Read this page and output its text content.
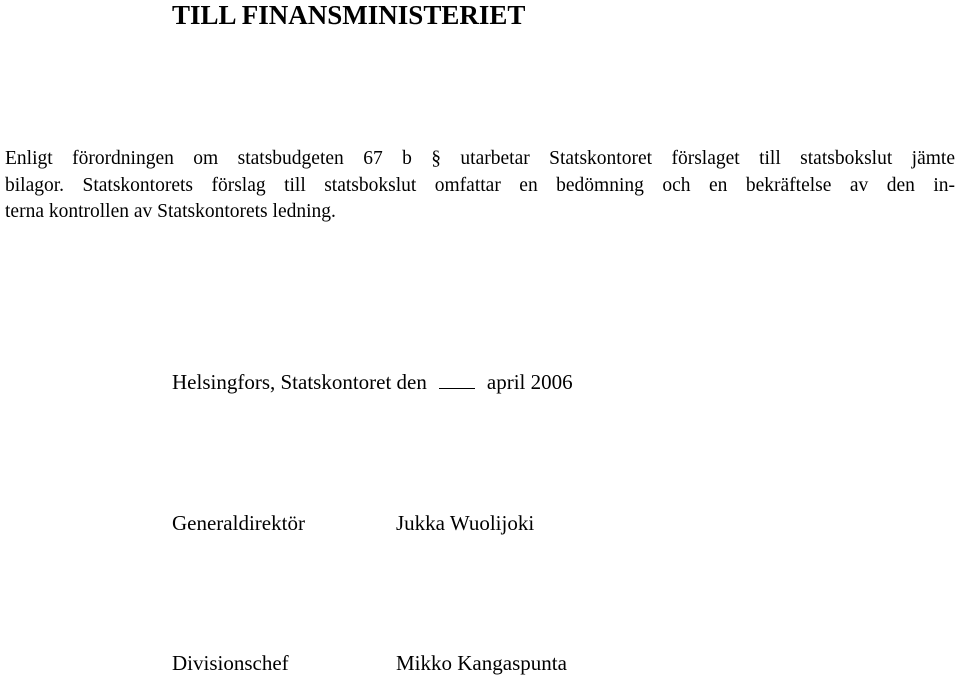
TILL FINANSMINISTERIET

Enligt förordningen om statsbudgeten 67 b § utarbetar Statskontoret förslaget till statsbokslut jämte
bilagor. Statskontorets förslag till statsbokslut omfattar en bedömning och en bekräftelse av den in-
terna kontrollen av Statskontorets ledning.

Helsingfors, Statskontoret den	april 2006
Generaldirektör	Jukka Wuolijoki
Divisionschef	Mikko Kangaspunta
